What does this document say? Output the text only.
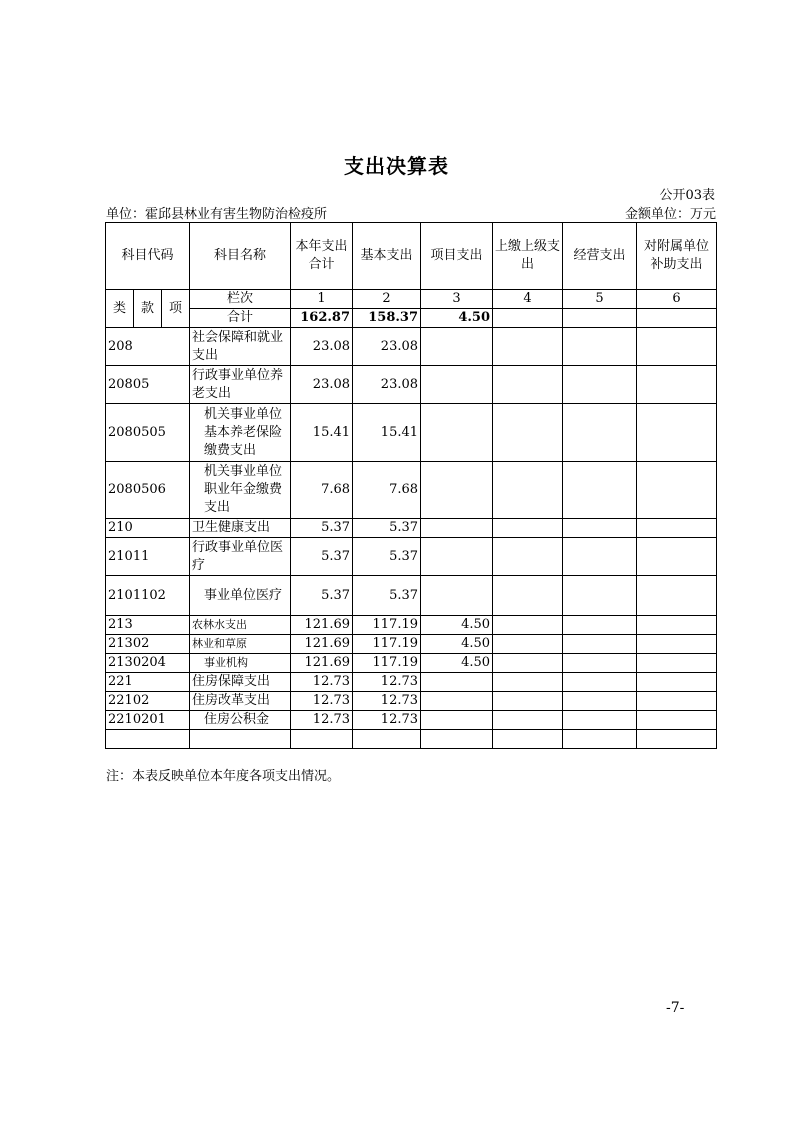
支出决算表
公开03表
单位：霍邱县林业有害生物防治检疫所	金额单位：万元
科目代码			科目名称	本年支出合计	基本支出	项目支出	上缴上级支出	经营支出	对附属单位补助支出
类	款	项	栏次	1	2	3	4	5	6
			合计	162.87	158.37	4.50			
208			社会保障和就业支出	23.08	23.08				
20805			行政事业单位养老支出	23.08	23.08				
2080505			机关事业单位基本养老保险缴费支出	15.41	15.41				
2080506			机关事业单位职业年金缴费支出	7.68	7.68				
210			卫生健康支出	5.37	5.37				
21011			行政事业单位医疗	5.37	5.37				
2101102			事业单位医疗	5.37	5.37				
213			农林水支出	121.69	117.19	4.50			
21302			林业和草原	121.69	117.19	4.50			
2130204			事业机构	121.69	117.19	4.50			
221			住房保障支出	12.73	12.73				
22102			住房改革支出	12.73	12.73				
2210201			住房公积金	12.73	12.73				

注：本表反映单位本年度各项支出情况。
-7-
